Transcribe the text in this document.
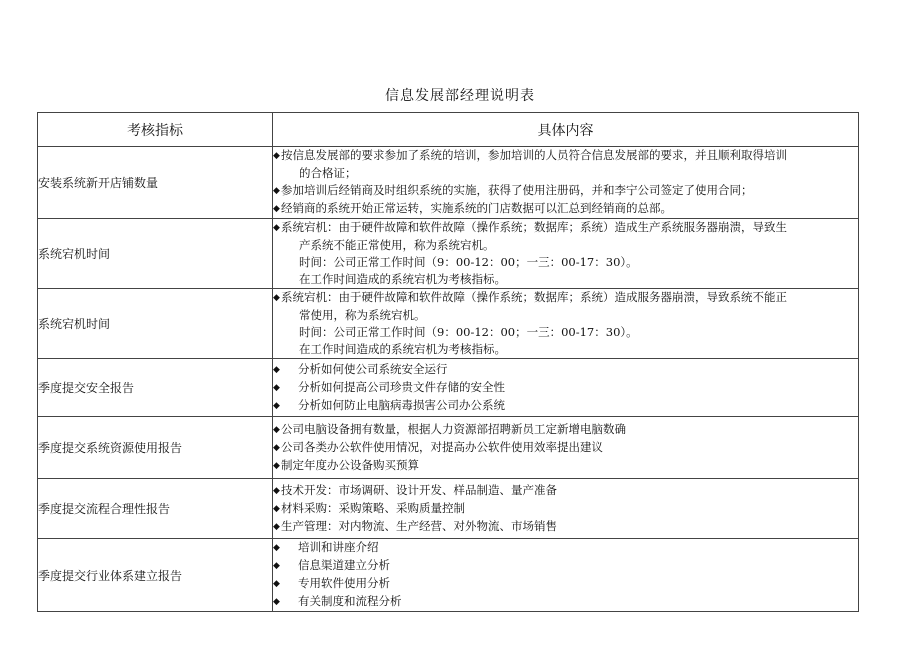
信息发展部经理说明表
考核指标	具体内容
安装系统新开店铺数量	◆按信息发展部的要求参加了系统的培训，参加培训的人员符合信息发展部的要求，并且顺利取得培训
的合格证；
◆参加培训后经销商及时组织系统的实施，获得了使用注册码，并和李宁公司签定了使用合同；
◆经销商的系统开始正常运转，实施系统的门店数据可以汇总到经销商的总部。

系统宕机时间	◆系统宕机：由于硬件故障和软件故障（操作系统；数据库；系统）造成生产系统服务器崩溃，导致生
产系统不能正常使用，称为系统宕机。
时间：公司正常工作时间（9：00-12：00；一三：00-17：30）。
在工作时间造成的系统宕机为考核指标。

系统宕机时间	◆系统宕机：由于硬件故障和软件故障（操作系统；数据库；系统）造成服务器崩溃，导致系统不能正
常使用，称为系统宕机。
时间：公司正常工作时间（9：00-12：00；一三：00-17：30）。
在工作时间造成的系统宕机为考核指标。

季度提交安全报告	◆ 分析如何使公司系统安全运行
◆ 分析如何提高公司珍贵文件存储的安全性
◆ 分析如何防止电脑病毒损害公司办公系统

季度提交系统资源使用报告	◆公司电脑设备拥有数量，根据人力资源部招聘新员工定新增电脑数确
◆公司各类办公软件使用情况，对提高办公软件使用效率提出建议
◆制定年度办公设备购买预算

季度提交流程合理性报告	◆技术开发：市场调研、设计开发、样品制造、量产准备
◆材料采购：采购策略、采购质量控制
◆生产管理：对内物流、生产经营、对外物流、市场销售

季度提交行业体系建立报告	◆ 培训和讲座介绍
◆ 信息渠道建立分析
◆ 专用软件使用分析
◆ 有关制度和流程分析
